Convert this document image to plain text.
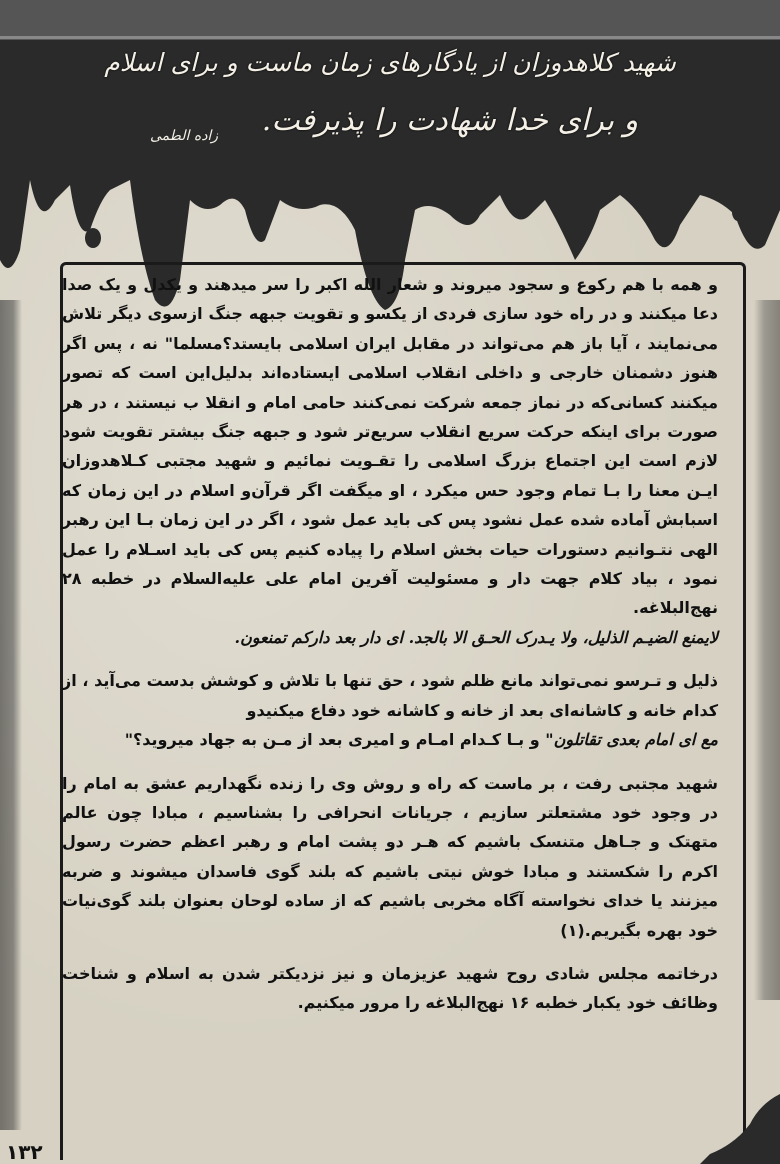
شهید کلاهدوزان از یادگارهای زمان ماست و برای اسلام
و برای خدا شهادت را پذیرفت.
زاده الطمی

و همه با هم رکوع و سجود میروند و شعار الله اکبر را سر میدهند و یکدل و یک صدا دعا میکنند و در راه خود سازی فردی از یکسو و تقویت جبهه جنگ ازسوی دیگر تلاش می‌نمایند ، آیا باز هم می‌تواند در مقابل ایران اسلامی بایستد؟مسلما" نه ، پس اگر هنوز دشمنان خارجی و داخلی انقلاب اسلامی ایستاده‌اند بدلیل‌این است که تصور میکنند کسانی‌که در نماز جمعه شرکت نمی‌کنند حامی امام و انقلا ب نیستند ، در هر صورت برای اینکه حرکت سریع انقلاب سریع‌تر شود و جبهه جنگ بیشتر تقویت شود لازم است این اجتماع بزرگ اسلامی را تقـویت نمائیم و شهید مجتبی کـلاهدوزان ایـن معنا را بـا تمام وجود حس میکرد ، او میگفت اگر قرآن‌و اسلام در این زمان که اسبابش آماده شده عمل نشود پس کی باید عمل شود ، اگر در این زمان بـا این رهبر الهی نتـوانیم دستورات حیات بخش اسلام را پیاده کنیم پس کی باید اسـلام را عمل نمود ، بیاد کلام جهت دار و مسئولیت آفرین امام علی علیه‌السلام در خطبه ۲۸ نهج‌البلاغه.

لایمنع الضیـم الذلیل، ولا یـدرک الحـق الا بالجد. ای دار بعد دارکم تمنعون.

ذلیل و تـرسو نمی‌تواند مانع ظلم شود ، حق تنها با تلاش و کوشش بدست می‌آید ، از کدام خانه و کاشانه‌ای بعد از خانه و کاشانه خود دفاع میکنیدو

مع ای امام بعدی تقاتلون" و بـا کـدام امـام و امیری بعد از مـن به جهاد میروید؟"

شهید مجتبی رفت ، بر ماست که راه و روش وی را زنده نگهداریم عشق به امام را در وجود خود مشتعلتر سازیم ، جریانات انحرافی را بشناسیم ، مبادا چون عالم متهتک و جـاهل متنسک باشیم که هـر دو پشت امام و رهبر اعظم حضرت رسول اکرم را شکستند و مبادا خوش نیتی باشیم که بلند گوی فاسدان میشوند و ضربه میزنند یا خدای نخواسته آگاه مخربی باشیم که از ساده لوحان بعنوان بلند گوی‌نیات خود بهره بگیریم.(۱)

درخاتمه مجلس شادی روح شهید عزیزمان و نیز نزدیکتر شدن به اسلام و شناخت وظائف خود یکبار خطبه ۱۶ نهج‌البلاغه را مرور میکنیم.

۱۳۲
